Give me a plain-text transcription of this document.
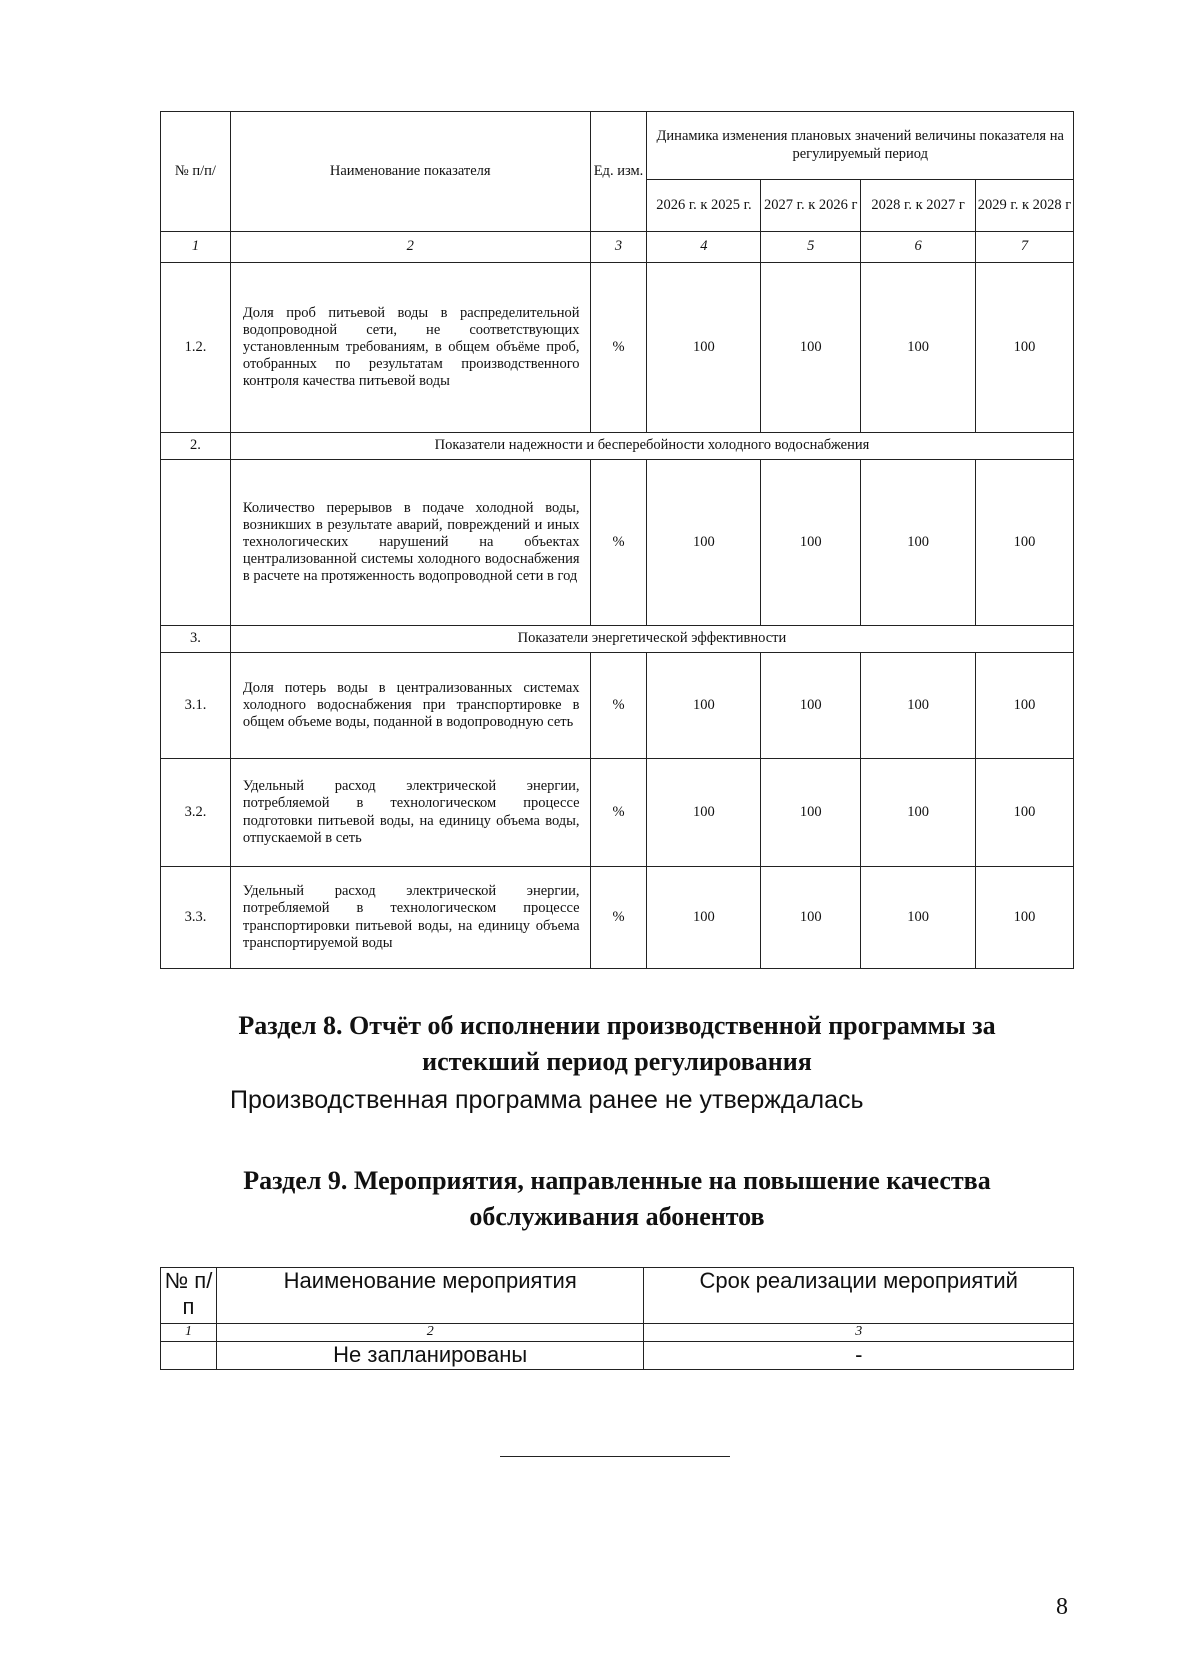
№ п/п/	Наименование показателя	Ед. изм.	Динамика изменения плановых значений величины показателя на регулируемый период			
			2026 г. к 2025 г.	2027 г. к 2026 г	2028 г. к 2027 г	2029 г. к 2028 г
1	2	3	4	5	6	7
1.2.	Доля проб питьевой воды в распределительной водопроводной сети, не соответствующих установленным требованиям, в общем объёме проб, отобранных по результатам производственного контроля качества питьевой воды	%	100	100	100	100
2.	Показатели надежности и бесперебойности холодного водоснабжения					
	Количество перерывов в подаче холодной воды, возникших в результате аварий, повреждений и иных технологических нарушений на объектах централизованной системы холодного водоснабжения в расчете на протяженность водопроводной сети в год	%	100	100	100	100
3.	Показатели энергетической эффективности					
3.1.	Доля потерь воды в централизованных системах холодного водоснабжения при транспортировке в общем объеме воды, поданной в водопроводную сеть	%	100	100	100	100
3.2.	Удельный расход электрической энергии, потребляемой в технологическом процессе подготовки питьевой воды, на единицу объема воды, отпускаемой в сеть	%	100	100	100	100
3.3.	Удельный расход электрической энергии, потребляемой в технологическом процессе транспортировки питьевой воды, на единицу объема транспортируемой воды	%	100	100	100	100
Раздел 8. Отчёт об исполнении производственной программы за
истекший период регулирования
Производственная программа ранее не утверждалась
Раздел 9. Мероприятия, направленные на повышение качества
обслуживания абонентов
№ п/п	Наименование мероприятия	Срок реализации мероприятий
1	2	3
	Не запланированы	-
8
